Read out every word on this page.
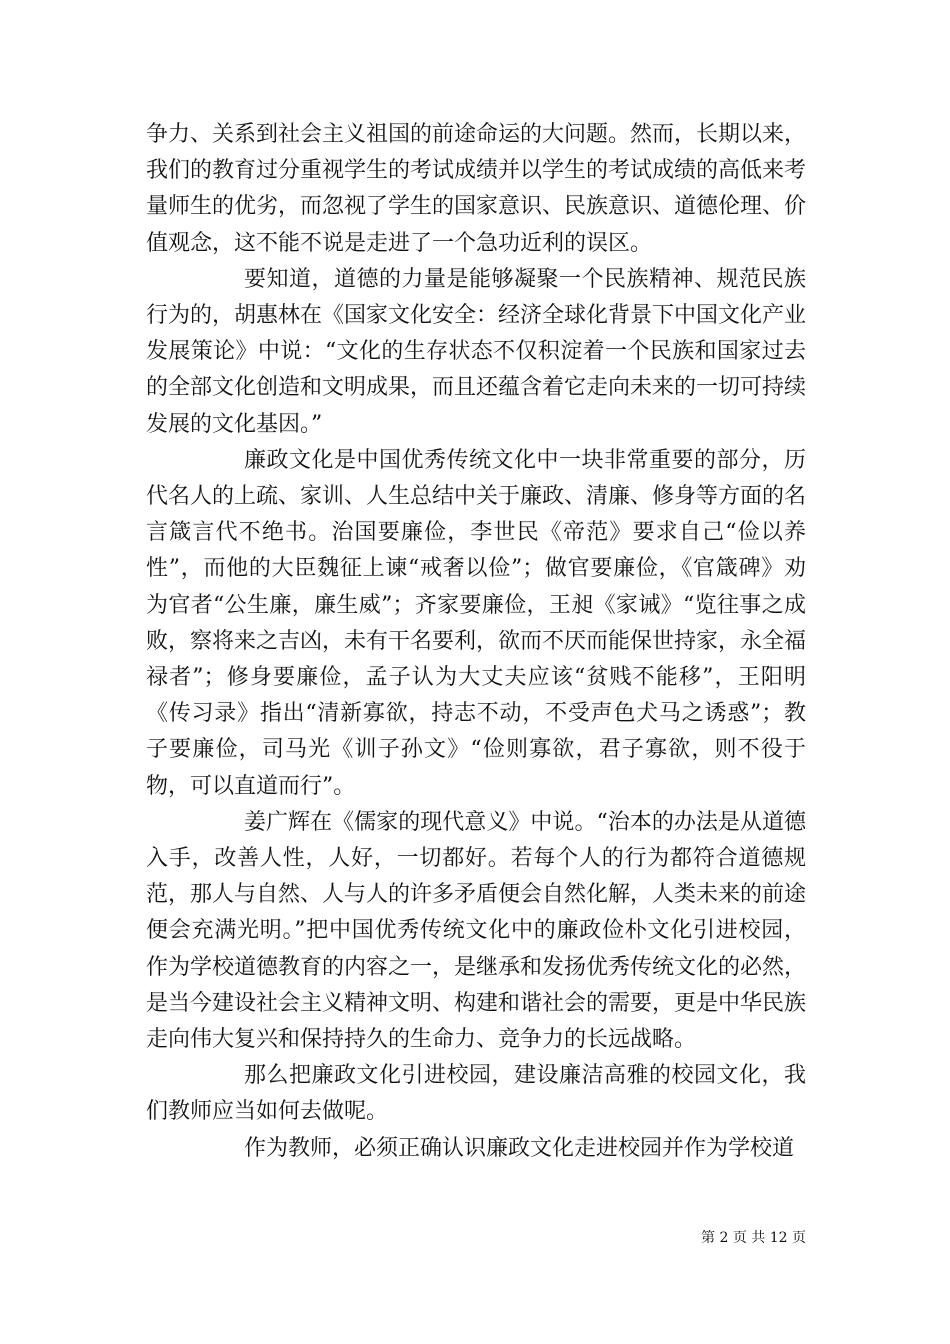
争力、关系到社会主义祖国的前途命运的大问题。然而，长期以来，我们的教育过分重视学生的考试成绩并以学生的考试成绩的高低来考量师生的优劣，而忽视了学生的国家意识、民族意识、道德伦理、价值观念，这不能不说是走进了一个急功近利的误区。

要知道，道德的力量是能够凝聚一个民族精神、规范民族行为的，胡惠林在《国家文化安全：经济全球化背景下中国文化产业发展策论》中说：“文化的生存状态不仅积淀着一个民族和国家过去的全部文化创造和文明成果，而且还蕴含着它走向未来的一切可持续发展的文化基因。”

廉政文化是中国优秀传统文化中一块非常重要的部分，历代名人的上疏、家训、人生总结中关于廉政、清廉、修身等方面的名言箴言代不绝书。治国要廉俭，李世民《帝范》要求自己“俭以养性”，而他的大臣魏征上谏“戒奢以俭”；做官要廉俭，《官箴碑》劝为官者“公生廉，廉生威”；齐家要廉俭，王昶《家诫》“览往事之成败，察将来之吉凶，未有干名要利，欲而不厌而能保世持家，永全福禄者”；修身要廉俭，孟子认为大丈夫应该“贫贱不能移”，王阳明《传习录》指出“清新寡欲，持志不动，不受声色犬马之诱惑”；教子要廉俭，司马光《训子孙文》“俭则寡欲，君子寡欲，则不役于物，可以直道而行”。

姜广辉在《儒家的现代意义》中说。“治本的办法是从道德入手，改善人性，人好，一切都好。若每个人的行为都符合道德规范，那人与自然、人与人的许多矛盾便会自然化解，人类未来的前途便会充满光明。”把中国优秀传统文化中的廉政俭朴文化引进校园，作为学校道德教育的内容之一，是继承和发扬优秀传统文化的必然，是当今建设社会主义精神文明、构建和谐社会的需要，更是中华民族走向伟大复兴和保持持久的生命力、竞争力的长远战略。

那么把廉政文化引进校园，建设廉洁高雅的校园文化，我们教师应当如何去做呢。

作为教师，必须正确认识廉政文化走进校园并作为学校道

第 2 页 共 12 页
